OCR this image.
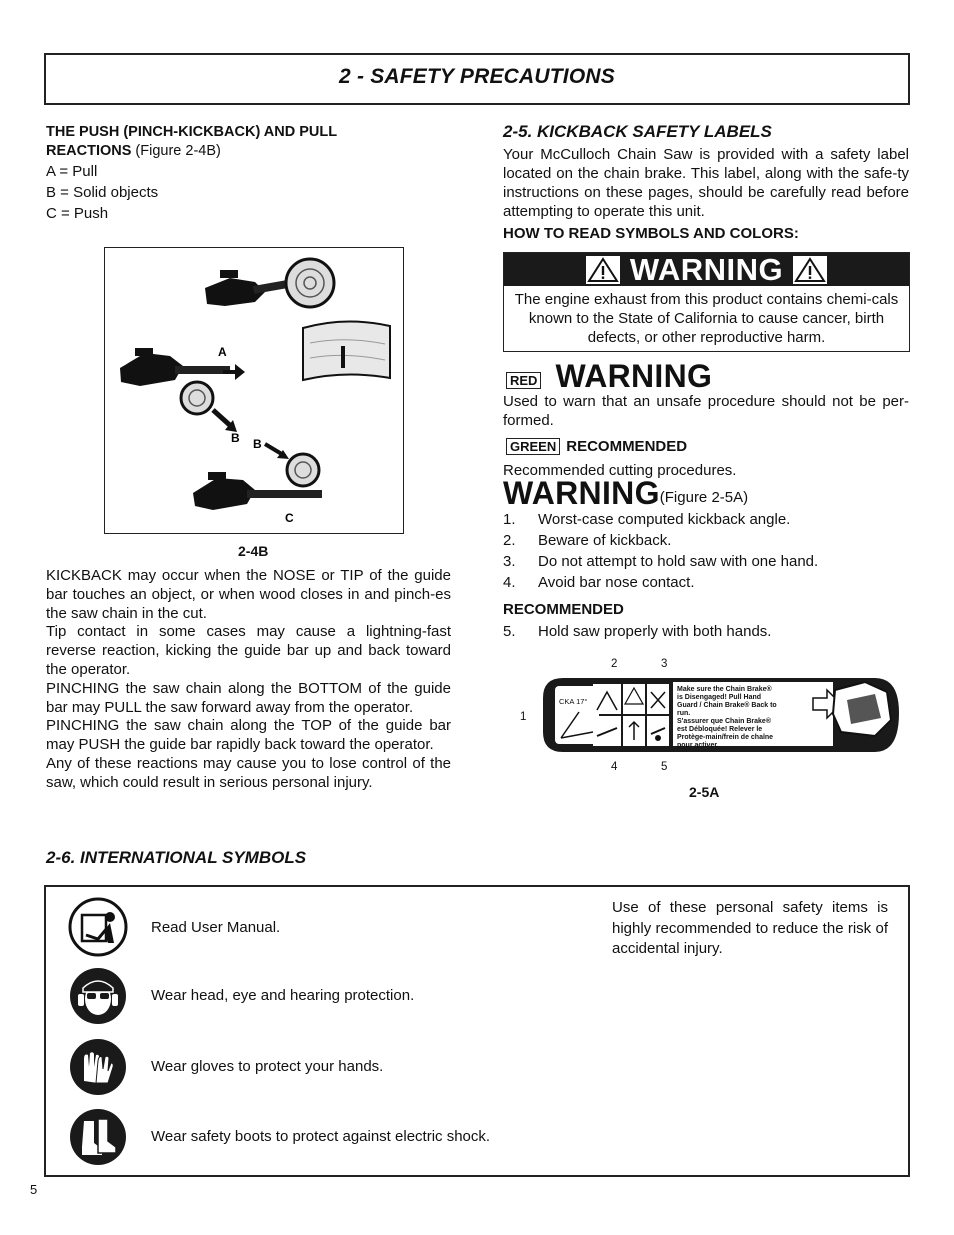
2 - SAFETY PRECAUTIONS
THE PUSH (PINCH-KICKBACK) AND PULL
REACTIONS (Figure 2-4B)
A = Pull
B = Solid objects
C = Push
A
B B
C
2-4B

KICKBACK may occur when the NOSE or TIP of the guide bar touches an object, or when wood closes in and pinch-es the saw chain in the cut.

Tip contact in some cases may cause a lightning-fast reverse reaction, kicking the guide bar up and back toward the operator.

PINCHING the saw chain along the BOTTOM of the guide bar may PULL the saw forward away from the operator.

PINCHING the saw chain along the TOP of the guide bar may PUSH the guide bar rapidly back toward the operator.

Any of these reactions may cause you to lose control of the saw, which could result in serious personal injury.

2-5. KICKBACK SAFETY LABELS
Your McCulloch Chain Saw is provided with a safety label located on the chain brake. This label, along with the safe-ty instructions on these pages, should be carefully read before attempting to operate this unit.
HOW TO READ SYMBOLS AND COLORS:
WARNING
The engine exhaust from this product contains chemi-cals known to the State of California to cause cancer, birth defects, or other reproductive harm.
RED WARNING
Used to warn that an unsafe procedure should not be per-formed.
GREEN RECOMMENDED
Recommended cutting procedures.
WARNING (Figure 2-5A)
1. Worst-case computed kickback angle.
2. Beware of kickback.
3. Do not attempt to hold saw with one hand.
4. Avoid bar nose contact.
RECOMMENDED
5. Hold saw properly with both hands.
2	3
1
4	5
CKA 17°
Make sure the Chain Brake® is Disengaged! Pull Hand Guard / Chain Brake® Back to run. S'assurer que Chain Brake® est Débloquée! Relever le Protège-main/frein de chaîne pour activer.
2-5A
2-6. INTERNATIONAL SYMBOLS
Read User Manual.
Wear head, eye and hearing protection.
Wear gloves to protect your hands.
Wear safety boots to protect against electric shock.
Use of these personal safety items is highly recommended to reduce the risk of accidental injury.
5
